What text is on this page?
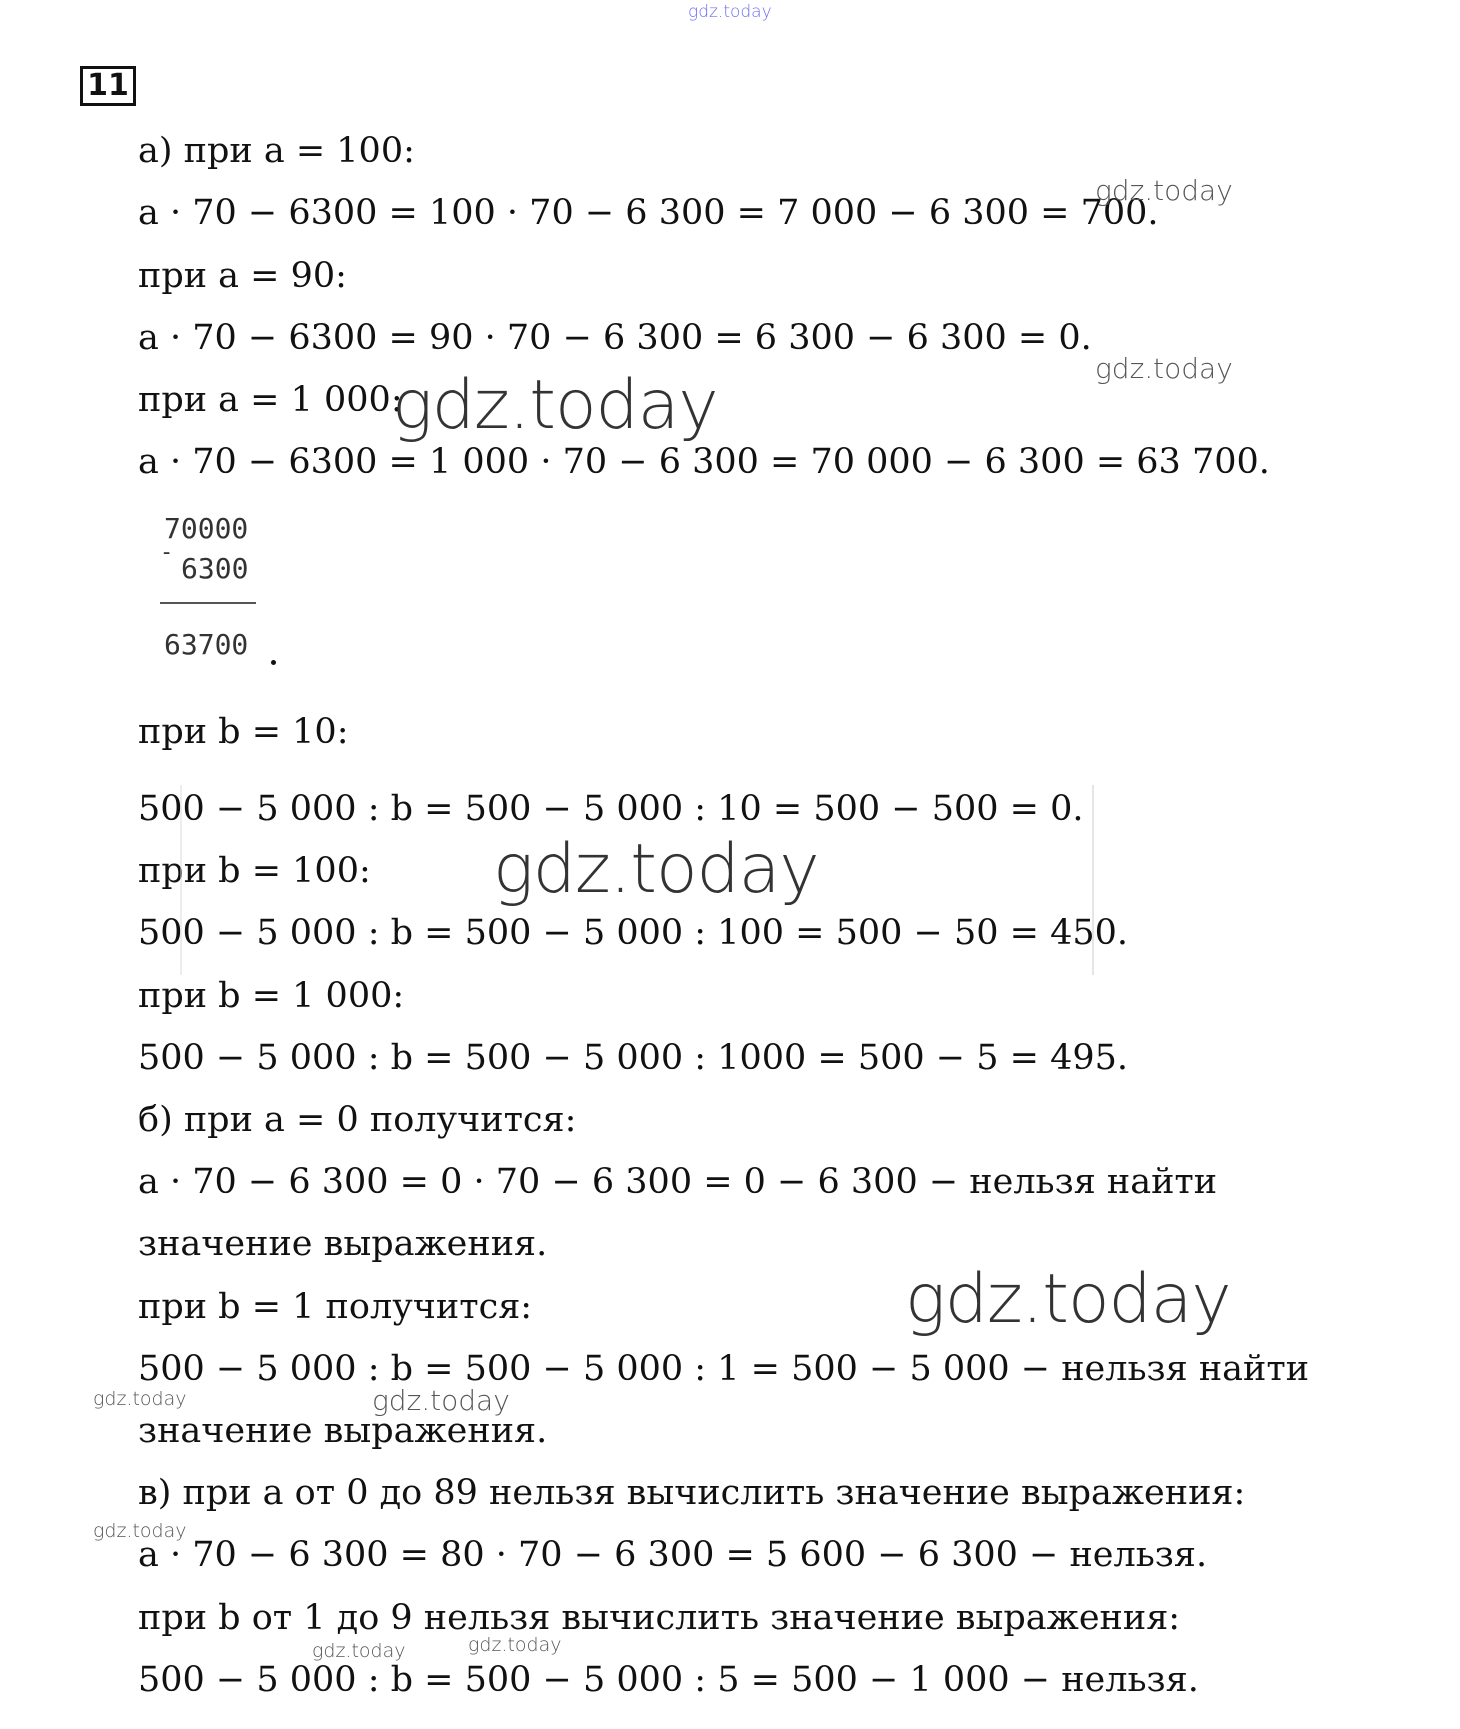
11
а) при a = 100:
a · 70 − 6300 = 100 · 70 − 6 300 = 7 000 − 6 300 = 700.
при a = 90:
a · 70 − 6300 = 90 · 70 − 6 300 = 6 300 − 6 300 = 0.
при a = 1 000:
a · 70 − 6300 = 1 000 · 70 − 6 300 = 70 000 − 6 300 = 63 700.
70000
- 6300
63700
при b = 10:
500 − 5 000 : b = 500 − 5 000 : 10 = 500 − 500 = 0.
при b = 100:
500 − 5 000 : b = 500 − 5 000 : 100 = 500 − 50 = 450.
при b = 1 000:
500 − 5 000 : b = 500 − 5 000 : 1000 = 500 − 5 = 495.
б) при a = 0 получится:
a · 70 − 6 300 = 0 · 70 − 6 300 = 0 − 6 300 − нельзя найти
значение выражения.
при b = 1 получится:
500 − 5 000 : b = 500 − 5 000 : 1 = 500 − 5 000 − нельзя найти
значение выражения.
в) при a от 0 до 89 нельзя вычислить значение выражения:
a · 70 − 6 300 = 80 · 70 − 6 300 = 5 600 − 6 300 − нельзя.
при b от 1 до 9 нельзя вычислить значение выражения:
500 − 5 000 : b = 500 − 5 000 : 5 = 500 − 1 000 − нельзя.
gdz.today
gdz.today
gdz.today
gdz.today
gdz.today
gdz.today
gdz.today
gdz.today
gdz.today
gdz.today	gdz.today
